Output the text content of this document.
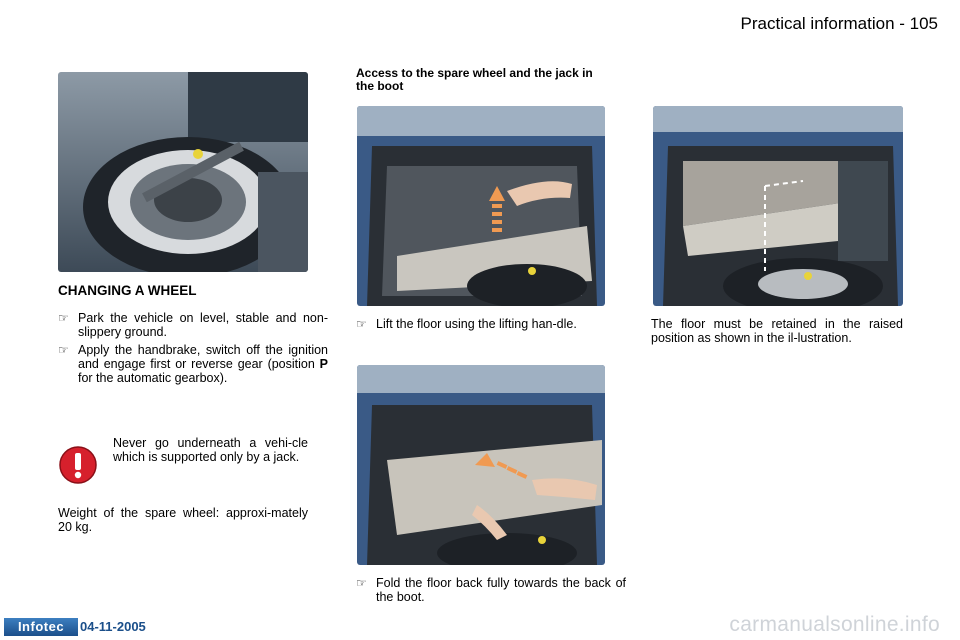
Practical information - 105
CHANGING A WHEEL
☞ Park the vehicle on level, stable and non-slippery ground.
☞ Apply the handbrake, switch off the ignition and engage first or reverse gear (position P for the automatic gearbox).
Never go underneath a vehi-cle which is supported only by a jack.
Weight of the spare wheel: approxi-mately 20 kg.
Access to the spare wheel and the jack in the boot
☞ Lift the floor using the lifting han-dle.
☞ Fold the floor back fully towards the back of the boot.
The floor must be retained in the raised position as shown in the il-lustration.
Infotec	04-11-2005	carmanualsonline.info
